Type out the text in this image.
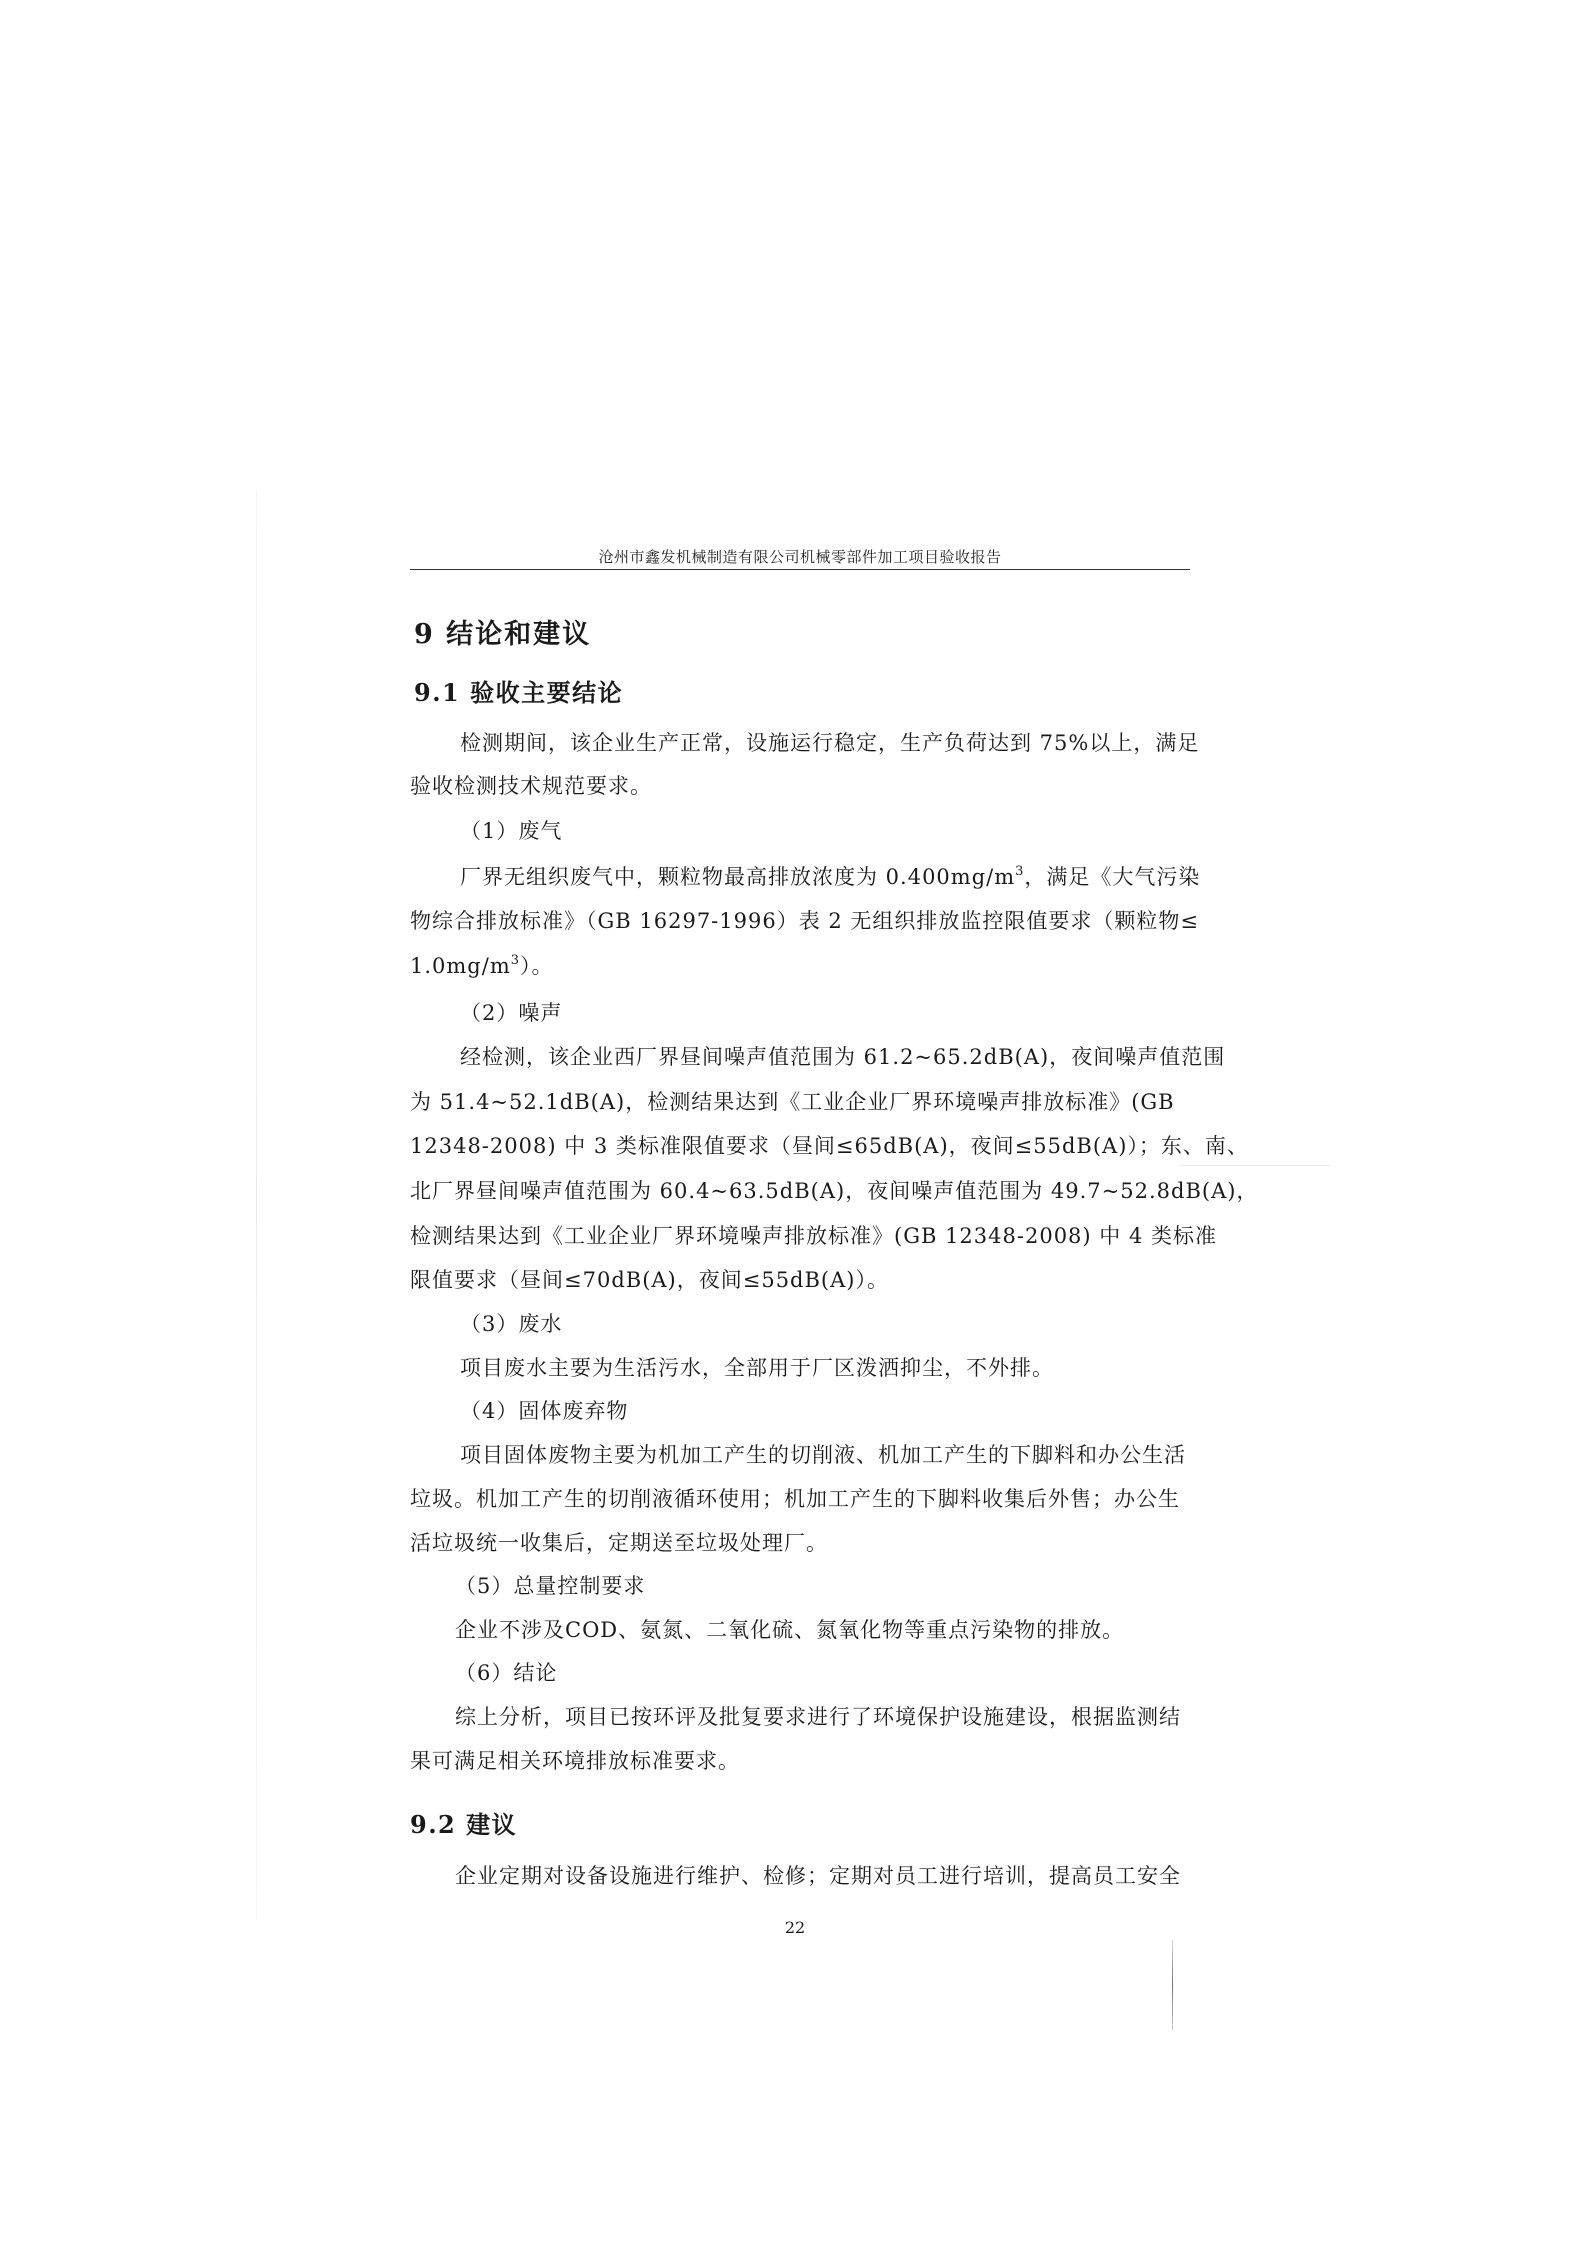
沧州市鑫发机械制造有限公司机械零部件加工项目验收报告
9 结论和建议
9.1 验收主要结论
检测期间，该企业生产正常，设施运行稳定，生产负荷达到 75%以上，满足
验收检测技术规范要求。
（1）废气
厂界无组织废气中，颗粒物最高排放浓度为 $0.400mg/m^3$，满足《大气污染
物综合排放标准》（GB 16297-1996）表 2 无组织排放监控限值要求（颗粒物≤
$1.0mg/m^3$）。
（2）噪声
经检测，该企业西厂界昼间噪声值范围为 61.2~65.2dB(A)，夜间噪声值范围
为 51.4~52.1dB(A)，检测结果达到《工业企业厂界环境噪声排放标准》(GB
12348-2008) 中 3 类标准限值要求（昼间≤65dB(A)，夜间≤55dB(A)）；东、南、
北厂界昼间噪声值范围为 60.4~63.5dB(A)，夜间噪声值范围为 49.7~52.8dB(A)，
检测结果达到《工业企业厂界环境噪声排放标准》(GB 12348-2008) 中 4 类标准
限值要求（昼间≤70dB(A)，夜间≤55dB(A)）。
（3）废水
项目废水主要为生活污水，全部用于厂区泼洒抑尘，不外排。
（4）固体废弃物
项目固体废物主要为机加工产生的切削液、机加工产生的下脚料和办公生活
垃圾。机加工产生的切削液循环使用；机加工产生的下脚料收集后外售；办公生
活垃圾统一收集后，定期送至垃圾处理厂。
（5）总量控制要求
企业不涉及COD、氨氮、二氧化硫、氮氧化物等重点污染物的排放。
（6）结论
综上分析，项目已按环评及批复要求进行了环境保护设施建设，根据监测结
果可满足相关环境排放标准要求。
9.2 建议
企业定期对设备设施进行维护、检修；定期对员工进行培训，提高员工安全
22
